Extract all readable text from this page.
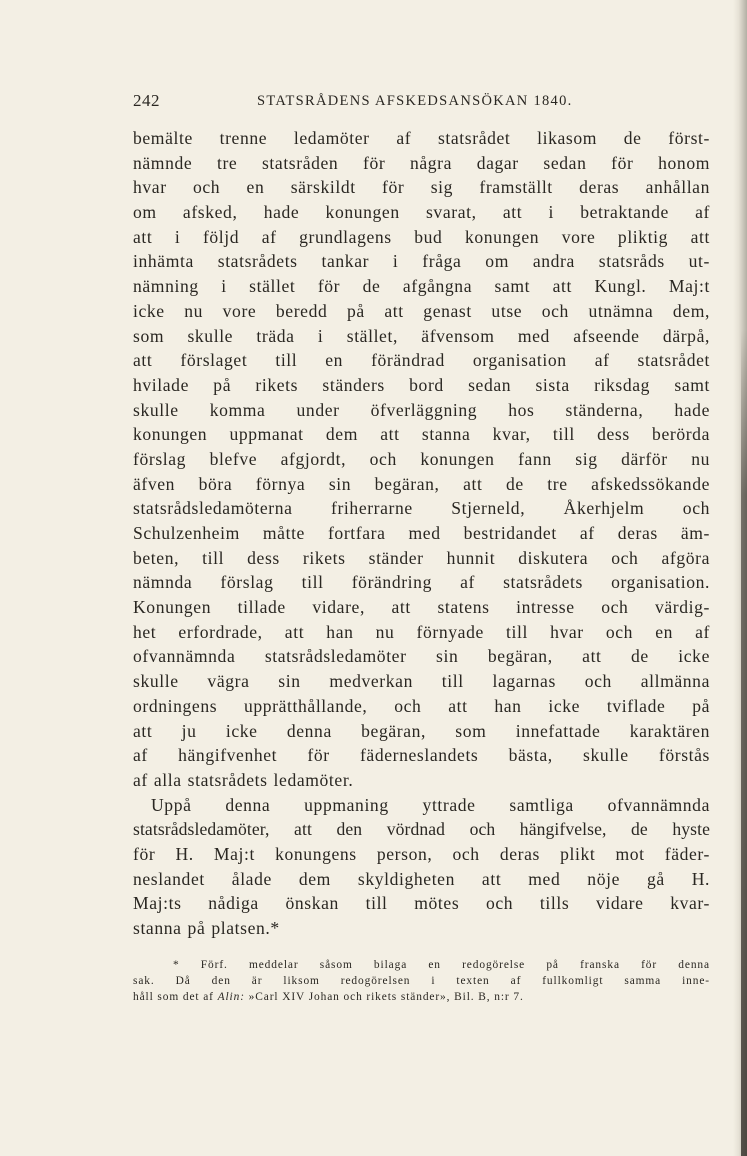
242	STATSRÅDENS AFSKEDSANSÖKAN 1840.
bemälte trenne ledamöter af statsrådet likasom de först-
nämnde tre statsråden för några dagar sedan för honom
hvar och en särskildt för sig framställt deras anhållan
om afsked, hade konungen svarat, att i betraktande af
att i följd af grundlagens bud konungen vore pliktig att
inhämta statsrådets tankar i fråga om andra statsråds ut-
nämning i stället för de afgångna samt att Kungl. Maj:t
icke nu vore beredd på att genast utse och utnämna dem,
som skulle träda i stället, äfvensom med afseende därpå,
att förslaget till en förändrad organisation af statsrådet
hvilade på rikets ständers bord sedan sista riksdag samt
skulle komma under öfverläggning hos ständerna, hade
konungen uppmanat dem att stanna kvar, till dess berörda
förslag blefve afgjordt, och konungen fann sig därför nu
äfven böra förnya sin begäran, att de tre afskedssökande
statsrådsledamöterna friherrarne Stjerneld, Åkerhjelm och
Schulzenheim måtte fortfara med bestridandet af deras äm-
beten, till dess rikets ständer hunnit diskutera och afgöra
nämnda förslag till förändring af statsrådets organisation.
Konungen tillade vidare, att statens intresse och värdig-
het erfordrade, att han nu förnyade till hvar och en af
ofvannämnda statsrådsledamöter sin begäran, att de icke
skulle vägra sin medverkan till lagarnas och allmänna
ordningens upprätthållande, och att han icke tviflade på
att ju icke denna begäran, som innefattade karaktären
af hängifvenhet för fäderneslandets bästa, skulle förstås
af alla statsrådets ledamöter.
Uppå denna uppmaning yttrade samtliga ofvannämnda
statsrådsledamöter, att den vördnad och hängifvelse, de hyste
för H. Maj:t konungens person, och deras plikt mot fäder-
neslandet ålade dem skyldigheten att med nöje gå H.
Maj:ts nådiga önskan till mötes och tills vidare kvar-
stanna på platsen.*
* Förf. meddelar såsom bilaga en redogörelse på franska för denna
sak. Då den är liksom redogörelsen i texten af fullkomligt samma inne-
håll som det af Alin: »Carl XIV Johan och rikets ständer», Bil. B, n:r 7.
